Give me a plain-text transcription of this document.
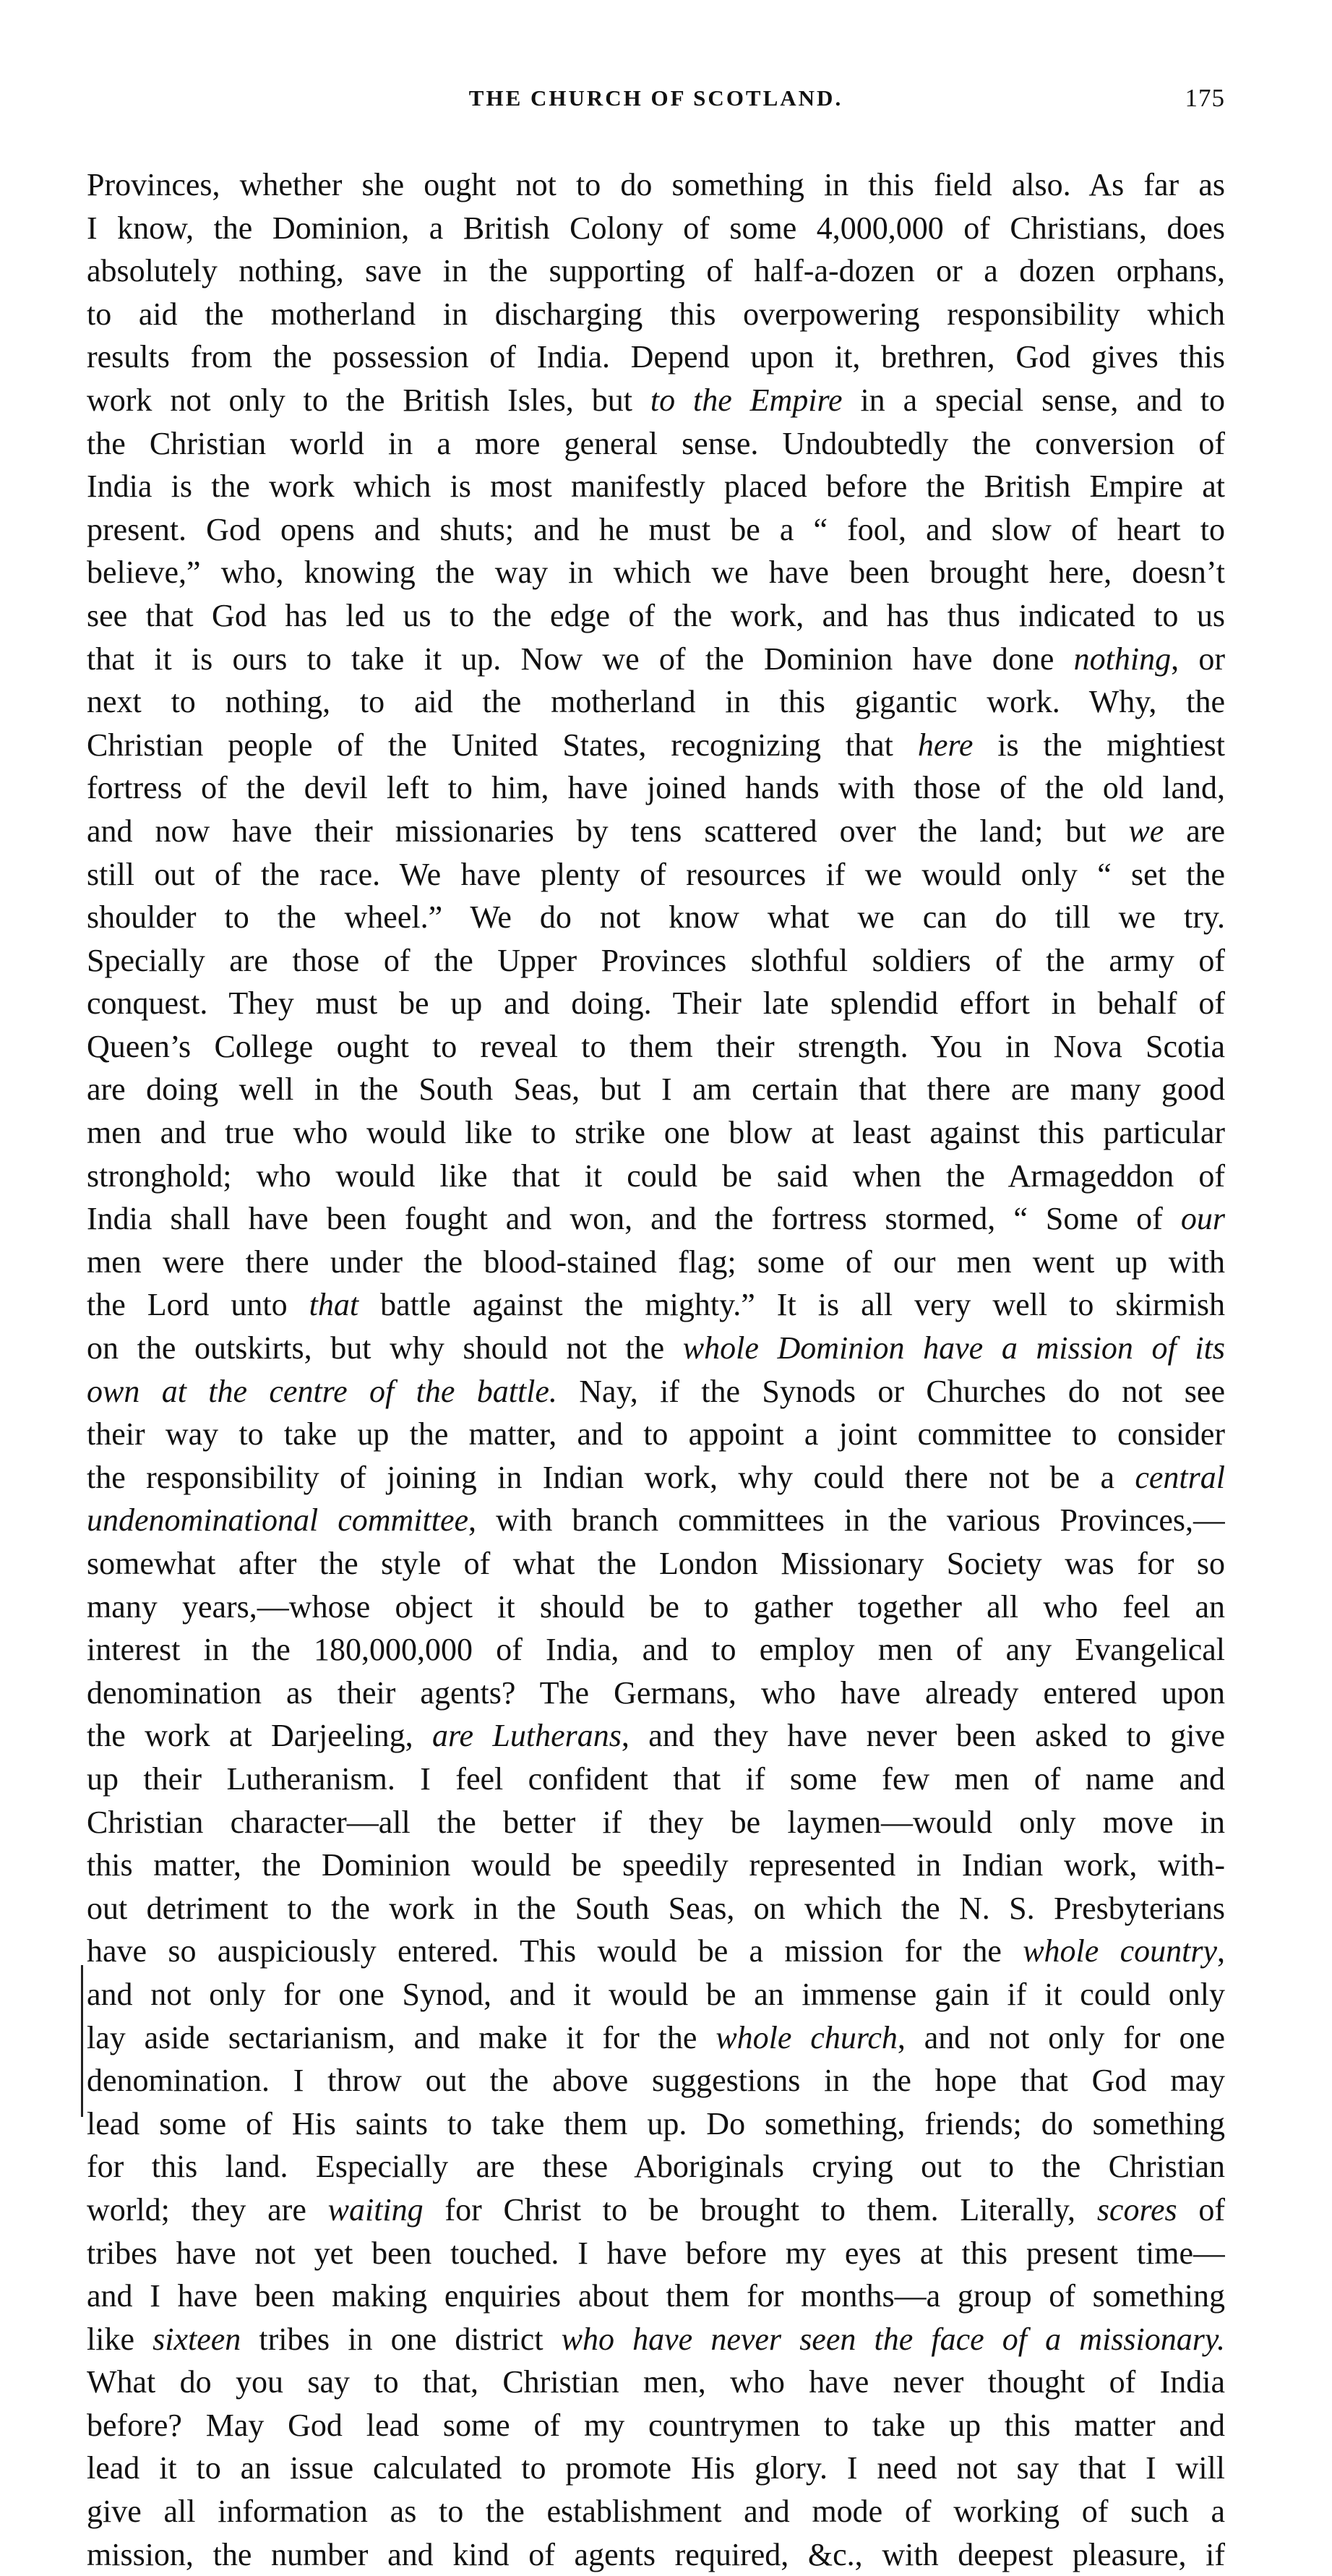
THE CHURCH OF SCOTLAND.	175
Provinces, whether she ought not to do something in this field also. As far as
I know, the Dominion, a British Colony of some 4,000,000 of Christians, does
absolutely nothing, save in the supporting of half-a-dozen or a dozen orphans,
to aid the motherland in discharging this overpowering responsibility which
results from the possession of India. Depend upon it, brethren, God gives this
work not only to the British Isles, but to the Empire in a special sense, and to
the Christian world in a more general sense. Undoubtedly the conversion of
India is the work which is most manifestly placed before the British Empire at
present. God opens and shuts; and he must be a “ fool, and slow of heart to
believe,” who, knowing the way in which we have been brought here, doesn’t
see that God has led us to the edge of the work, and has thus indicated to us
that it is ours to take it up. Now we of the Dominion have done nothing, or
next to nothing, to aid the motherland in this gigantic work. Why, the
Christian people of the United States, recognizing that here is the mightiest
fortress of the devil left to him, have joined hands with those of the old land,
and now have their missionaries by tens scattered over the land; but we are
still out of the race. We have plenty of resources if we would only “ set the
shoulder to the wheel.” We do not know what we can do till we try.
Specially are those of the Upper Provinces slothful soldiers of the army of
conquest. They must be up and doing. Their late splendid effort in behalf of
Queen’s College ought to reveal to them their strength. You in Nova Scotia
are doing well in the South Seas, but I am certain that there are many good
men and true who would like to strike one blow at least against this particular
stronghold; who would like that it could be said when the Armageddon of
India shall have been fought and won, and the fortress stormed, “ Some of our
men were there under the blood-stained flag; some of our men went up with
the Lord unto that battle against the mighty.” It is all very well to skirmish
on the outskirts, but why should not the whole Dominion have a mission of its
own at the centre of the battle. Nay, if the Synods or Churches do not see
their way to take up the matter, and to appoint a joint committee to consider
the responsibility of joining in Indian work, why could there not be a central
undenominational committee, with branch committees in the various Provinces,—
somewhat after the style of what the London Missionary Society was for so
many years,—whose object it should be to gather together all who feel an
interest in the 180,000,000 of India, and to employ men of any Evangelical
denomination as their agents? The Germans, who have already entered upon
the work at Darjeeling, are Lutherans, and they have never been asked to give
up their Lutheranism. I feel confident that if some few men of name and
Christian character—all the better if they be laymen—would only move in
this matter, the Dominion would be speedily represented in Indian work, with-
out detriment to the work in the South Seas, on which the N. S. Presbyterians
have so auspiciously entered. This would be a mission for the whole country,
and not only for one Synod, and it would be an immense gain if it could only
lay aside sectarianism, and make it for the whole church, and not only for one
denomination. I throw out the above suggestions in the hope that God may
lead some of His saints to take them up. Do something, friends; do something
for this land. Especially are these Aboriginals crying out to the Christian
world; they are waiting for Christ to be brought to them. Literally, scores of
tribes have not yet been touched. I have before my eyes at this present time—
and I have been making enquiries about them for months—a group of something
like sixteen tribes in one district who have never seen the face of a missionary.
What do you say to that, Christian men, who have never thought of India
before? May God lead some of my countrymen to take up this matter and
lead it to an issue calculated to promote His glory. I need not say that I will
give all information as to the establishment and mode of working of such a
mission, the number and kind of agents required, &c., with deepest pleasure, if
